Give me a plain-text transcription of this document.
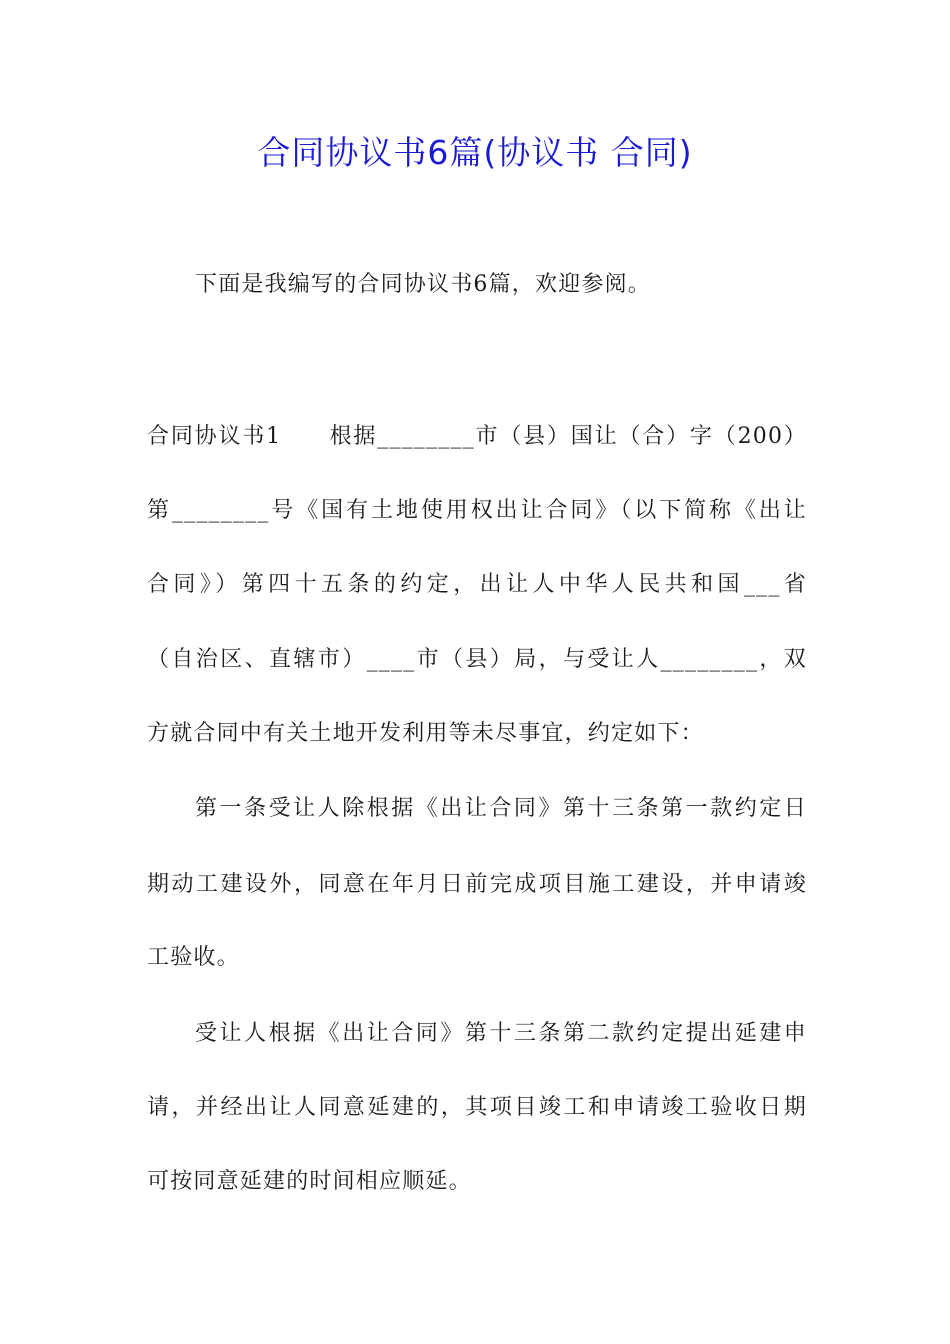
合同协议书6篇(协议书 合同)
下面是我编写的合同协议书6篇，欢迎参阅。
合同协议书1　　根据________市（县）国让（合）字（200）
第________号《国有土地使用权出让合同》（以下简称《出让
合同》）第四十五条的约定，出让人中华人民共和国___省
（自治区、直辖市）____市（县）局，与受让人________，双
方就合同中有关土地开发利用等未尽事宜，约定如下：
第一条受让人除根据《出让合同》第十三条第一款约定日
期动工建设外，同意在年月日前完成项目施工建设，并申请竣
工验收。
受让人根据《出让合同》第十三条第二款约定提出延建申
请，并经出让人同意延建的，其项目竣工和申请竣工验收日期
可按同意延建的时间相应顺延。
